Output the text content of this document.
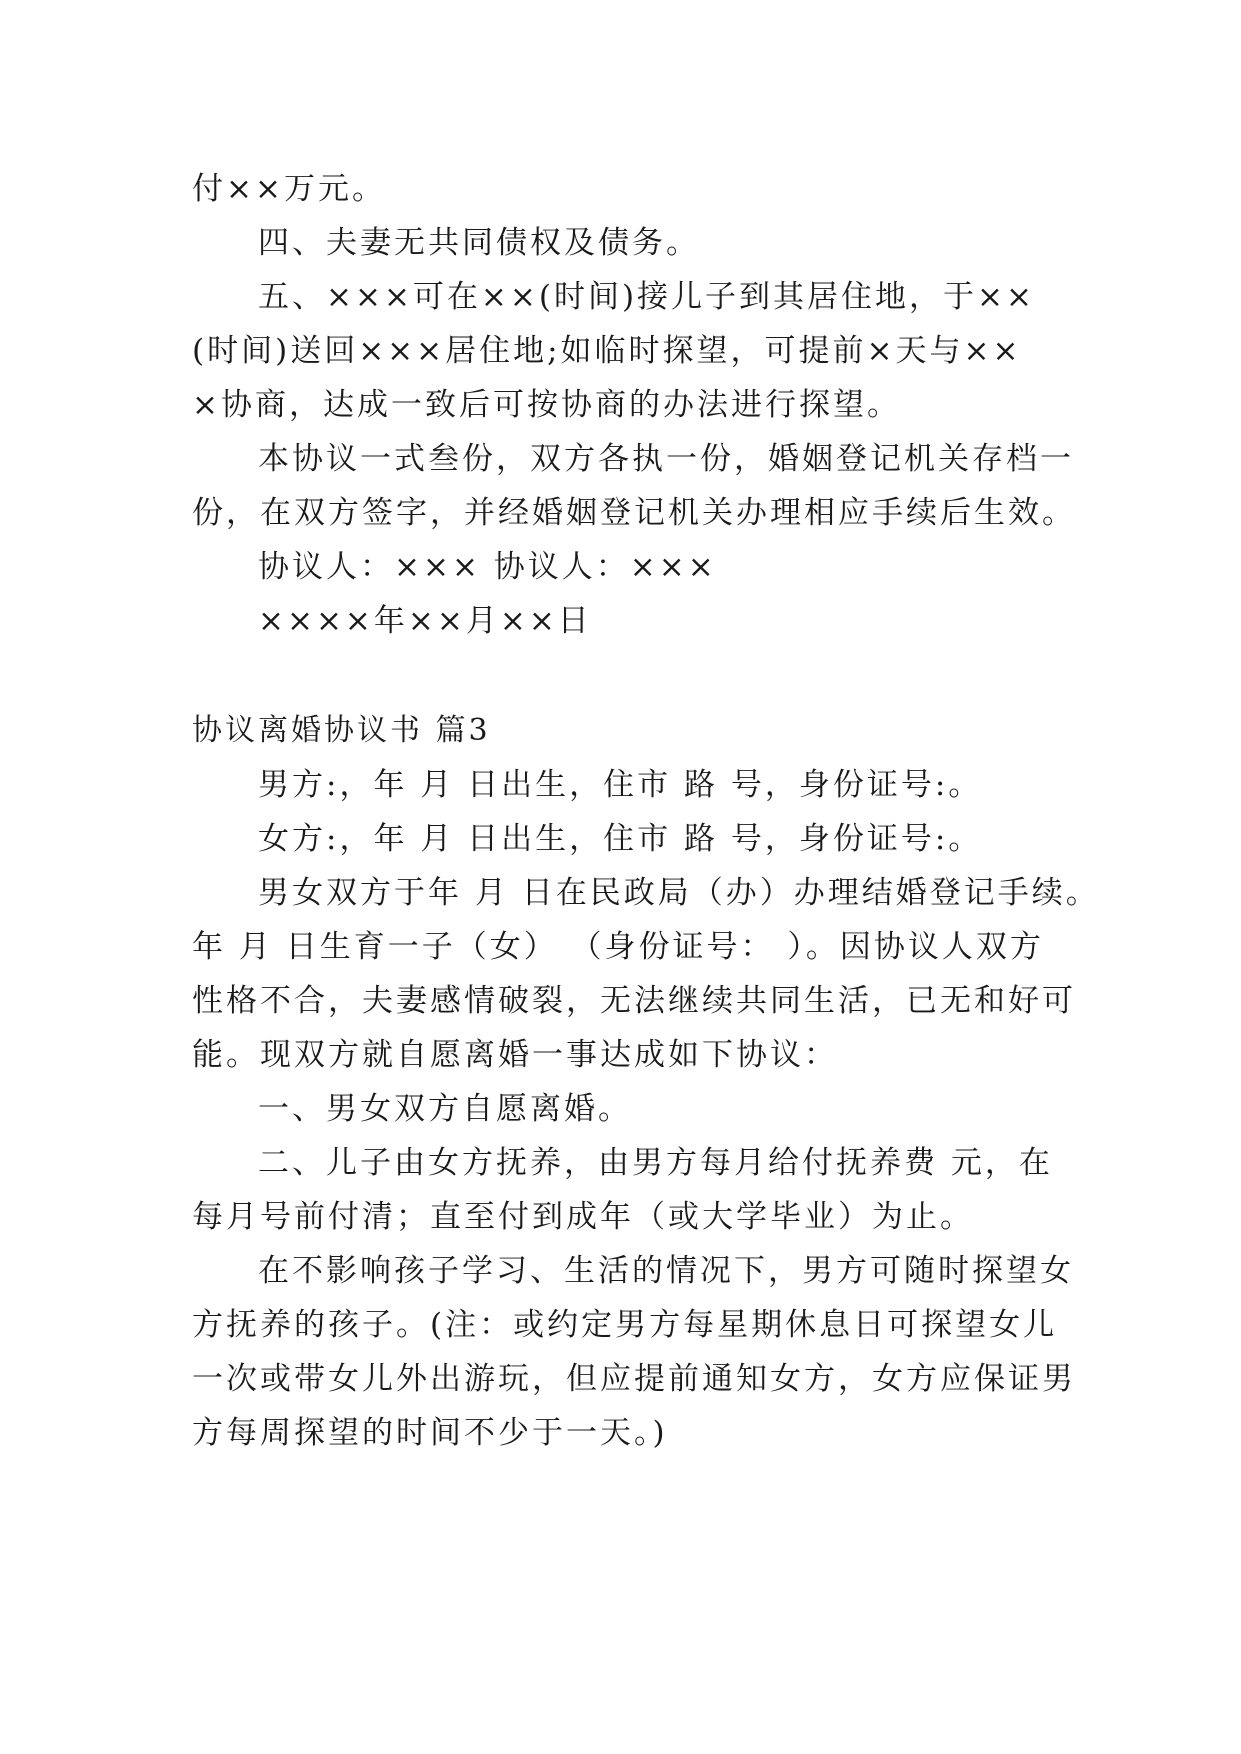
付××万元。
四、夫妻无共同债权及债务。
五、×××可在××(时间)接儿子到其居住地，于××
(时间)送回×××居住地;如临时探望，可提前×天与××
×协商，达成一致后可按协商的办法进行探望。
本协议一式叁份，双方各执一份，婚姻登记机关存档一
份，在双方签字，并经婚姻登记机关办理相应手续后生效。
协议人：××× 协议人：×××
××××年××月××日
协议离婚协议书 篇3
男方:，年 月 日出生，住市 路 号，身份证号:。
女方:，年 月 日出生，住市 路 号，身份证号:。
男女双方于年 月 日在民政局（办）办理结婚登记手续。
年 月 日生育一子（女） （身份证号： ）。因协议人双方
性格不合，夫妻感情破裂，无法继续共同生活，已无和好可
能。现双方就自愿离婚一事达成如下协议：
一、男女双方自愿离婚。
二、儿子由女方抚养，由男方每月给付抚养费 元，在
每月号前付清；直至付到成年（或大学毕业）为止。
在不影响孩子学习、生活的情况下，男方可随时探望女
方抚养的孩子。(注：或约定男方每星期休息日可探望女儿
一次或带女儿外出游玩，但应提前通知女方，女方应保证男
方每周探望的时间不少于一天。)
